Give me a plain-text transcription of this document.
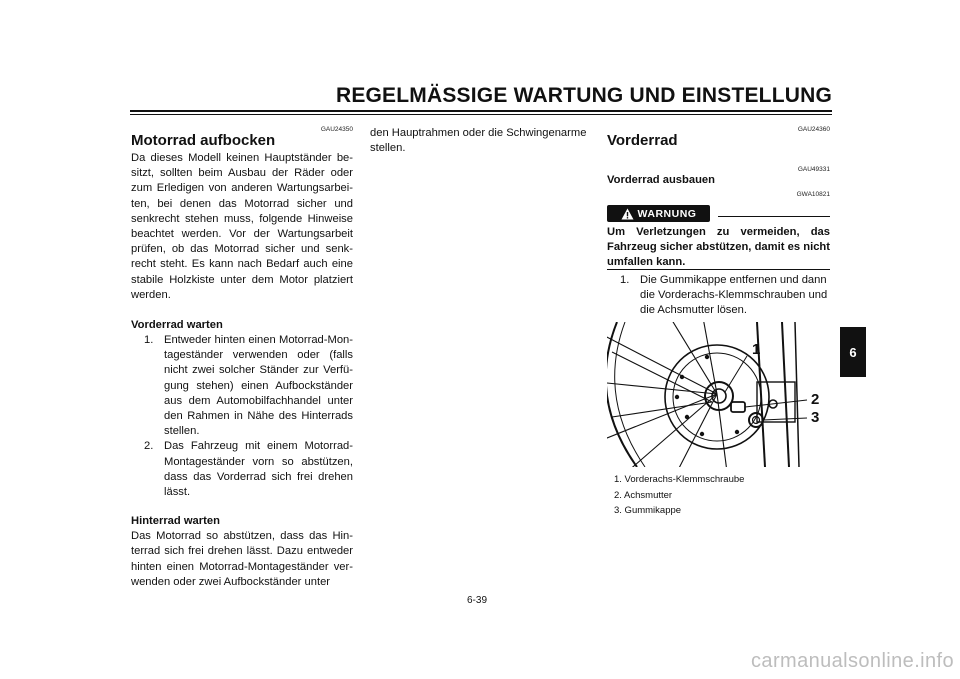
REGELMÄSSIGE WARTUNG UND EINSTELLUNG
6
GAU24350
Motorrad aufbocken
Da dieses Modell keinen Hauptständer besitzt, sollten beim Ausbau der Räder oder zum Erledigen von anderen Wartungsarbeiten, bei denen das Motorrad sicher und senkrecht stehen muss, folgende Hinweise beachtet werden. Vor der Wartungsarbeit prüfen, ob das Motorrad sicher und senkrecht steht. Es kann nach Bedarf auch eine stabile Holzkiste unter dem Motor platziert werden.
Vorderrad warten
1. Entweder hinten einen Motorrad-Montageständer verwenden oder (falls nicht zwei solcher Ständer zur Verfügung stehen) einen Aufbockständer aus dem Automobilfachhandel unter den Rahmen in Nähe des Hinterrads stellen.
2. Das Fahrzeug mit einem Motorrad-Montageständer vorn so abstützen, dass das Vorderrad sich frei drehen lässt.
Hinterrad warten
Das Motorrad so abstützen, dass das Hinterrad sich frei drehen lässt. Dazu entweder hinten einen Motorrad-Montageständer verwenden oder zwei Aufbockständer unter
den Hauptrahmen oder die Schwingenarme stellen.
GAU24360
Vorderrad
GAU49331
Vorderrad ausbauen
GWA10821
WARNUNG
Um Verletzungen zu vermeiden, das Fahrzeug sicher abstützen, damit es nicht umfallen kann.
1. Die Gummikappe entfernen und dann die Vorderachs-Klemmschrauben und die Achsmutter lösen.
1
2
3
1. Vorderachs-Klemmschraube
2. Achsmutter
3. Gummikappe
6-39
carmanualsonline.info
